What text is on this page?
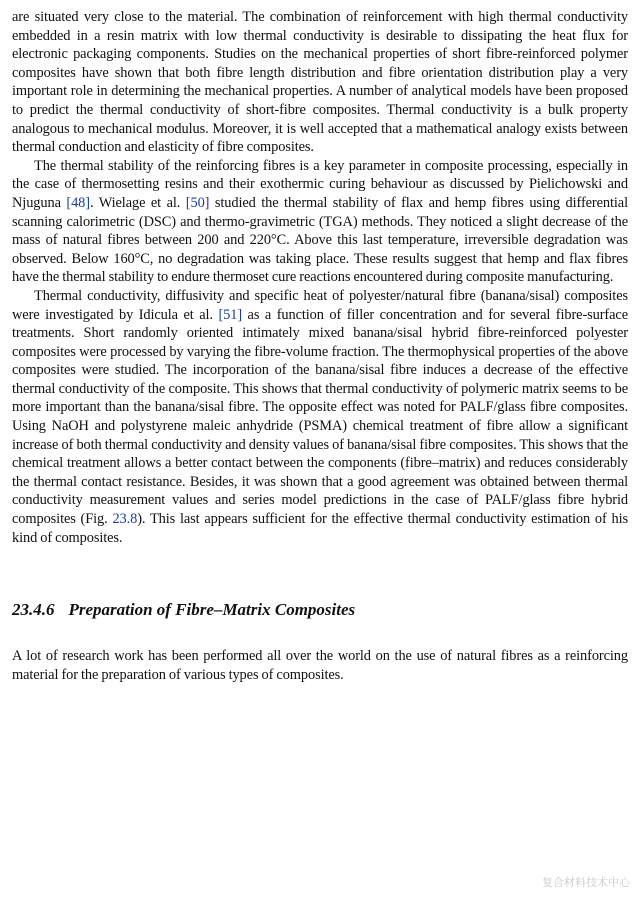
are situated very close to the material. The combination of reinforcement with high thermal conductivity embedded in a resin matrix with low thermal conductivity is desirable to dissipating the heat flux for electronic packaging components. Studies on the mechanical properties of short fibre-reinforced polymer composites have shown that both fibre length distribution and fibre orientation distribution play a very important role in determining the mechanical properties. A number of analytical models have been proposed to predict the thermal conductivity of short-fibre composites. Thermal conductivity is a bulk property analogous to mechanical modulus. Moreover, it is well accepted that a mathematical analogy exists between thermal conduction and elasticity of fibre composites.

The thermal stability of the reinforcing fibres is a key parameter in composite processing, especially in the case of thermosetting resins and their exothermic curing behaviour as discussed by Pielichowski and Njuguna [48]. Wielage et al. [50] studied the thermal stability of flax and hemp fibres using differential scanning calorimetric (DSC) and thermo-gravimetric (TGA) methods. They noticed a slight decrease of the mass of natural fibres between 200 and 220°C. Above this last temperature, irreversible degradation was observed. Below 160°C, no degradation was taking place. These results suggest that hemp and flax fibres have the thermal stability to endure thermoset cure reactions encountered during composite manufacturing.

Thermal conductivity, diffusivity and specific heat of polyester/natural fibre (banana/sisal) composites were investigated by Idicula et al. [51] as a function of filler concentration and for several fibre-surface treatments. Short randomly oriented intimately mixed banana/sisal hybrid fibre-reinforced polyester composites were processed by varying the fibre-volume fraction. The thermophysical properties of the above composites were studied. The incorporation of the banana/sisal fibre induces a decrease of the effective thermal conductivity of the composite. This shows that thermal conductivity of polymeric matrix seems to be more important than the banana/sisal fibre. The opposite effect was noted for PALF/glass fibre composites. Using NaOH and polystyrene maleic anhydride (PSMA) chemical treatment of fibre allow a significant increase of both thermal conductivity and density values of banana/sisal fibre composites. This shows that the chemical treatment allows a better contact between the components (fibre–matrix) and reduces considerably the thermal contact resistance. Besides, it was shown that a good agreement was obtained between thermal conductivity measurement values and series model predictions in the case of PALF/glass fibre hybrid composites (Fig. 23.8). This last appears sufficient for the effective thermal conductivity estimation of his kind of composites.

23.4.6 Preparation of Fibre–Matrix Composites

A lot of research work has been performed all over the world on the use of natural fibres as a reinforcing material for the preparation of various types of composites.

复合材料技术中心
